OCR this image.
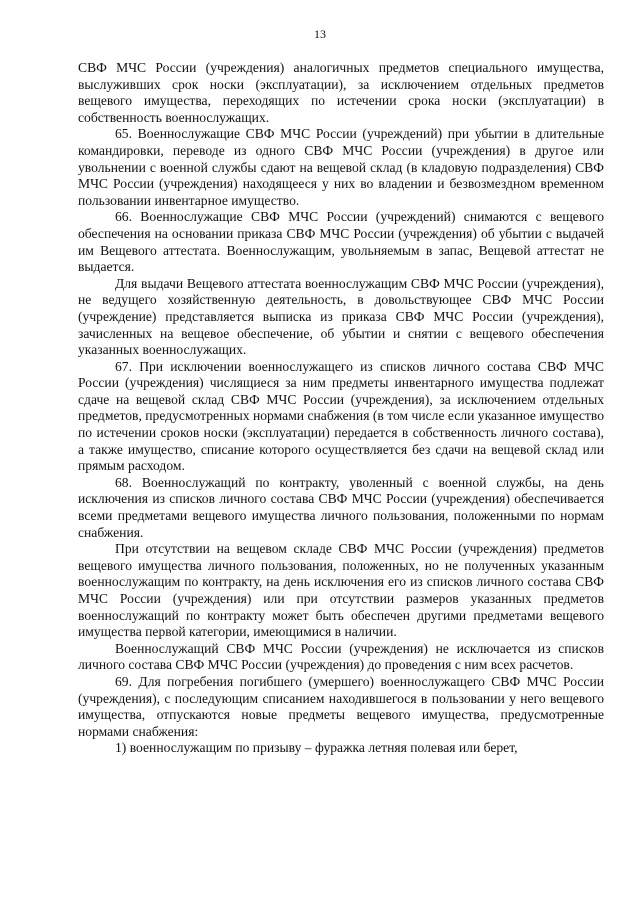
13

СВФ МЧС России (учреждения) аналогичных предметов специального имущества, выслуживших срок носки (эксплуатации), за исключением отдельных предметов вещевого имущества, переходящих по истечении срока носки (эксплуатации) в собственность военнослужащих.

65. Военнослужащие СВФ МЧС России (учреждений) при убытии в длительные командировки, переводе из одного СВФ МЧС России (учреждения) в другое или увольнении с военной службы сдают на вещевой склад (в кладовую подразделения) СВФ МЧС России (учреждения) находящееся у них во владении и безвозмездном временном пользовании инвентарное имущество.

66. Военнослужащие СВФ МЧС России (учреждений) снимаются с вещевого обеспечения на основании приказа СВФ МЧС России (учреждения) об убытии с выдачей им Вещевого аттестата. Военнослужащим, увольняемым в запас, Вещевой аттестат не выдается.

Для выдачи Вещевого аттестата военнослужащим СВФ МЧС России (учреждения), не ведущего хозяйственную деятельность, в довольствующее СВФ МЧС России (учреждение) представляется выписка из приказа СВФ МЧС России (учреждения), зачисленных на вещевое обеспечение, об убытии и снятии с вещевого обеспечения указанных военнослужащих.

67. При исключении военнослужащего из списков личного состава СВФ МЧС России (учреждения) числящиеся за ним предметы инвентарного имущества подлежат сдаче на вещевой склад СВФ МЧС России (учреждения), за исключением отдельных предметов, предусмотренных нормами снабжения (в том числе если указанное имущество по истечении сроков носки (эксплуатации) передается в собственность личного состава), а также имущество, списание которого осуществляется без сдачи на вещевой склад или прямым расходом.

68. Военнослужащий по контракту, уволенный с военной службы, на день исключения из списков личного состава СВФ МЧС России (учреждения) обеспечивается всеми предметами вещевого имущества личного пользования, положенными по нормам снабжения.

При отсутствии на вещевом складе СВФ МЧС России (учреждения) предметов вещевого имущества личного пользования, положенных, но не полученных указанным военнослужащим по контракту, на день исключения его из списков личного состава СВФ МЧС России (учреждения) или при отсутствии размеров указанных предметов военнослужащий по контракту может быть обеспечен другими предметами вещевого имущества первой категории, имеющимися в наличии.

Военнослужащий СВФ МЧС России (учреждения) не исключается из списков личного состава СВФ МЧС России (учреждения) до проведения с ним всех расчетов.

69. Для погребения погибшего (умершего) военнослужащего СВФ МЧС России (учреждения), с последующим списанием находившегося в пользовании у него вещевого имущества, отпускаются новые предметы вещевого имущества, предусмотренные нормами снабжения:

1) военнослужащим по призыву – фуражка летняя полевая или берет,
